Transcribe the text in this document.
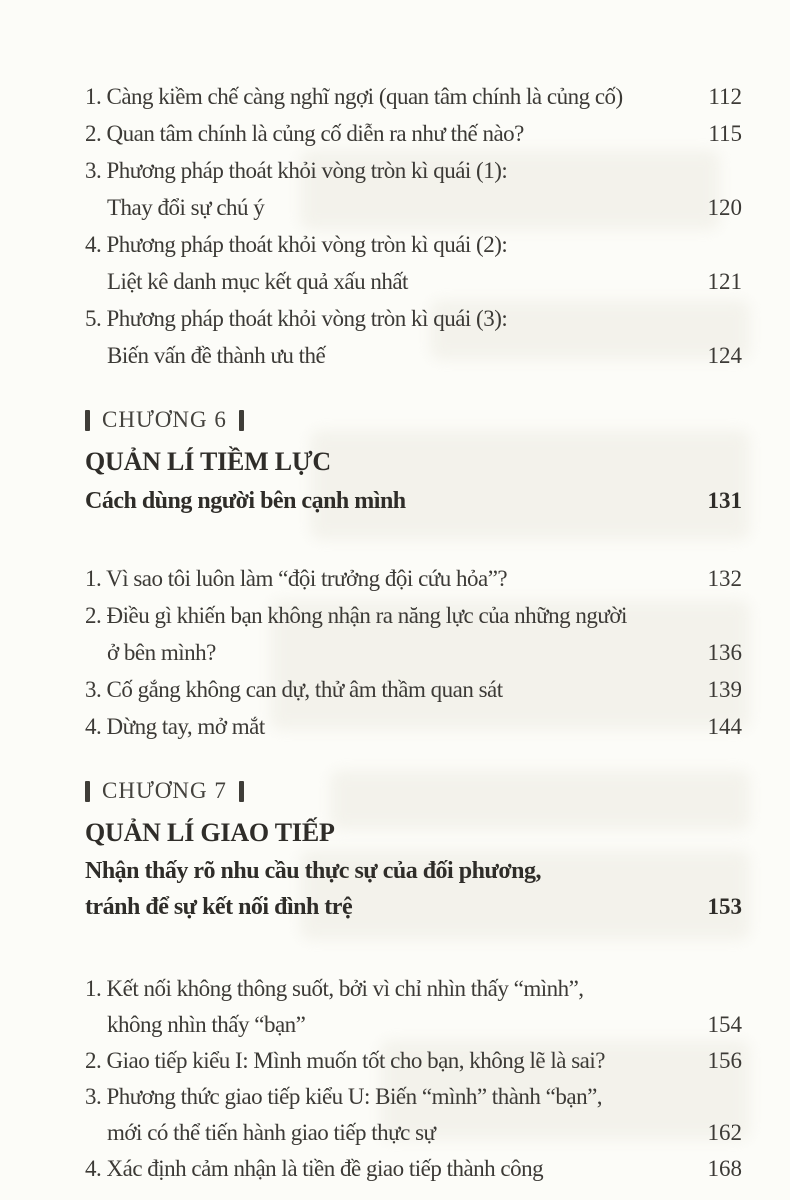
1. Càng kiềm chế càng nghĩ ngợi (quan tâm chính là củng cố)	112
2. Quan tâm chính là củng cố diễn ra như thế nào?	115
3. Phương pháp thoát khỏi vòng tròn kì quái (1):
Thay đổi sự chú ý	120
4. Phương pháp thoát khỏi vòng tròn kì quái (2):
Liệt kê danh mục kết quả xấu nhất	121
5. Phương pháp thoát khỏi vòng tròn kì quái (3):
Biến vấn đề thành ưu thế	124
CHƯƠNG 6
QUẢN LÍ TIỀM LỰC
Cách dùng người bên cạnh mình	131
1. Vì sao tôi luôn làm “đội trưởng đội cứu hỏa”?	132
2. Điều gì khiến bạn không nhận ra năng lực của những người
ở bên mình?	136
3. Cố gắng không can dự, thử âm thầm quan sát	139
4. Dừng tay, mở mắt	144
CHƯƠNG 7
QUẢN LÍ GIAO TIẾP
Nhận thấy rõ nhu cầu thực sự của đối phương,
tránh để sự kết nối đình trệ	153
1. Kết nối không thông suốt, bởi vì chỉ nhìn thấy “mình”,
không nhìn thấy “bạn”	154
2. Giao tiếp kiểu I: Mình muốn tốt cho bạn, không lẽ là sai?	156
3. Phương thức giao tiếp kiểu U: Biến “mình” thành “bạn”,
mới có thể tiến hành giao tiếp thực sự	162
4. Xác định cảm nhận là tiền đề giao tiếp thành công	168
